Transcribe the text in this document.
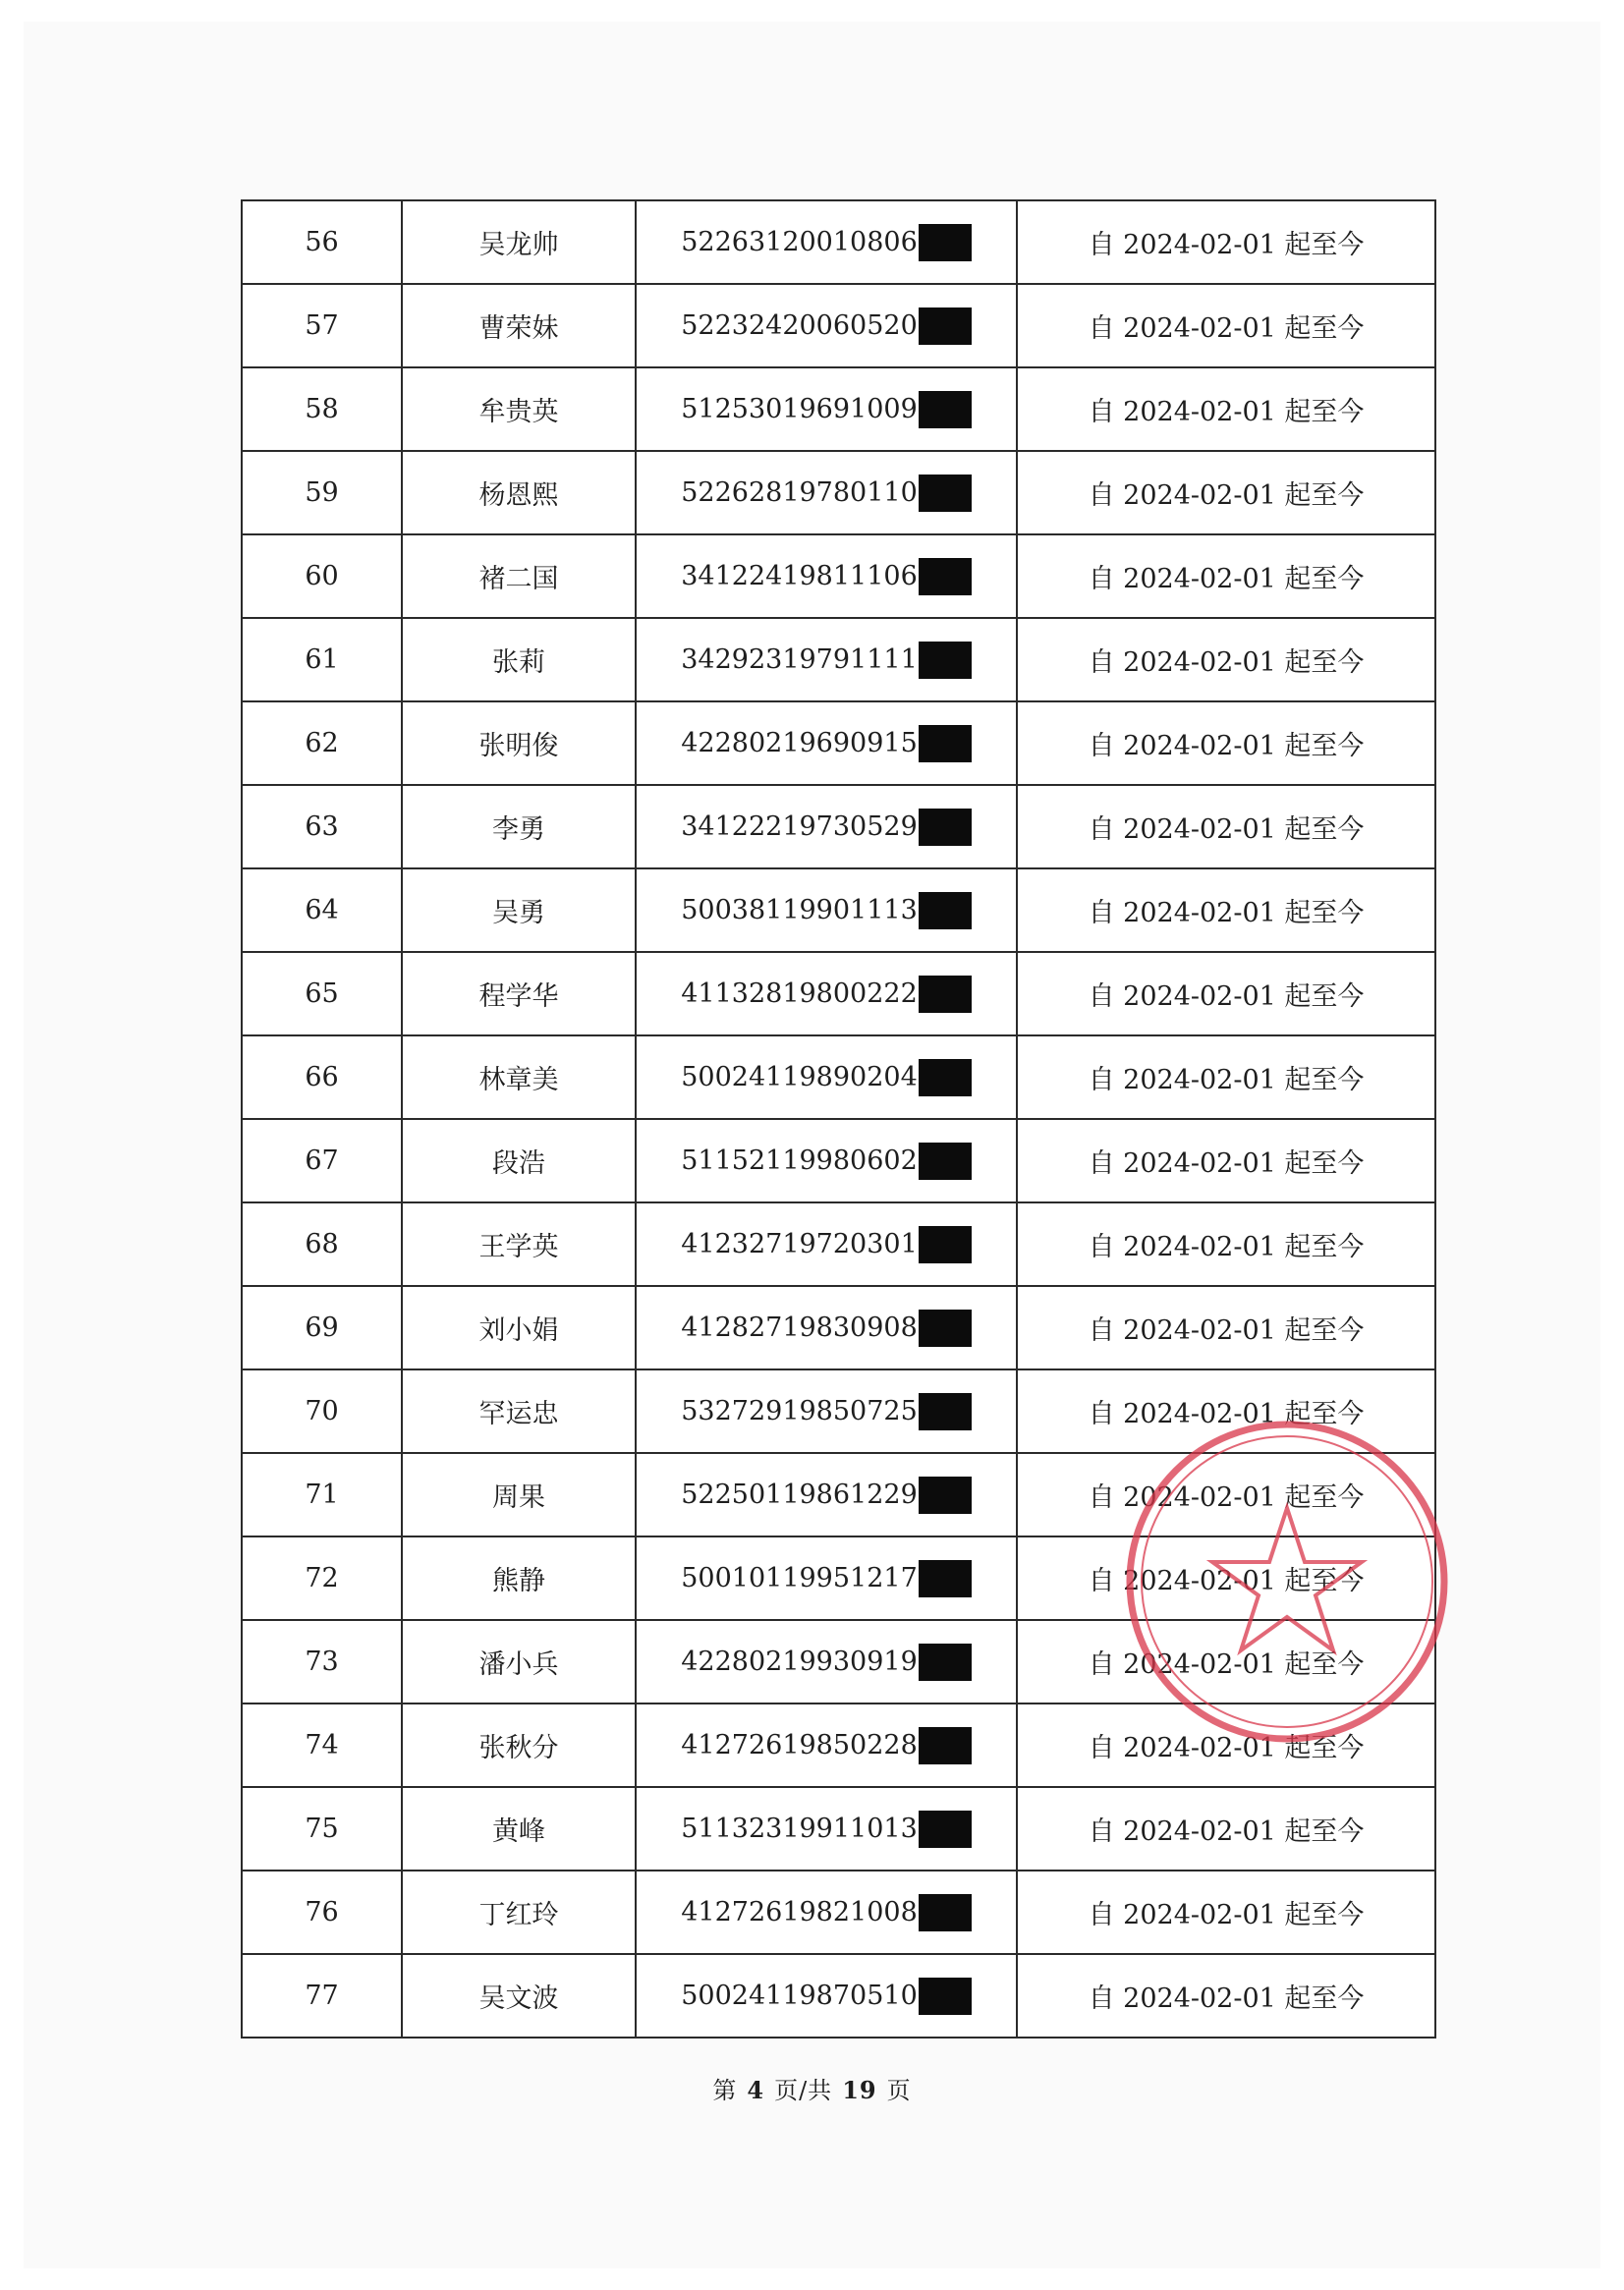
56	吴龙帅	52263120010806	自 2024-02-01 起至今
57	曹荣妹	52232420060520	自 2024-02-01 起至今
58	牟贵英	51253019691009	自 2024-02-01 起至今
59	杨恩熙	52262819780110	自 2024-02-01 起至今
60	褚二国	34122419811106	自 2024-02-01 起至今
61	张莉	34292319791111	自 2024-02-01 起至今
62	张明俊	42280219690915	自 2024-02-01 起至今
63	李勇	34122219730529	自 2024-02-01 起至今
64	吴勇	50038119901113	自 2024-02-01 起至今
65	程学华	41132819800222	自 2024-02-01 起至今
66	林章美	50024119890204	自 2024-02-01 起至今
67	段浩	51152119980602	自 2024-02-01 起至今
68	王学英	41232719720301	自 2024-02-01 起至今
69	刘小娟	41282719830908	自 2024-02-01 起至今
70	罕运忠	53272919850725	自 2024-02-01 起至今
71	周果	52250119861229	自 2024-02-01 起至今
72	熊静	50010119951217	自 2024-02-01 起至今
73	潘小兵	42280219930919	自 2024-02-01 起至今
74	张秋分	41272619850228	自 2024-02-01 起至今
75	黄峰	51132319911013	自 2024-02-01 起至今
76	丁红玲	41272619821008	自 2024-02-01 起至今
77	吴文波	50024119870510	自 2024-02-01 起至今
第 4 页/共 19 页
